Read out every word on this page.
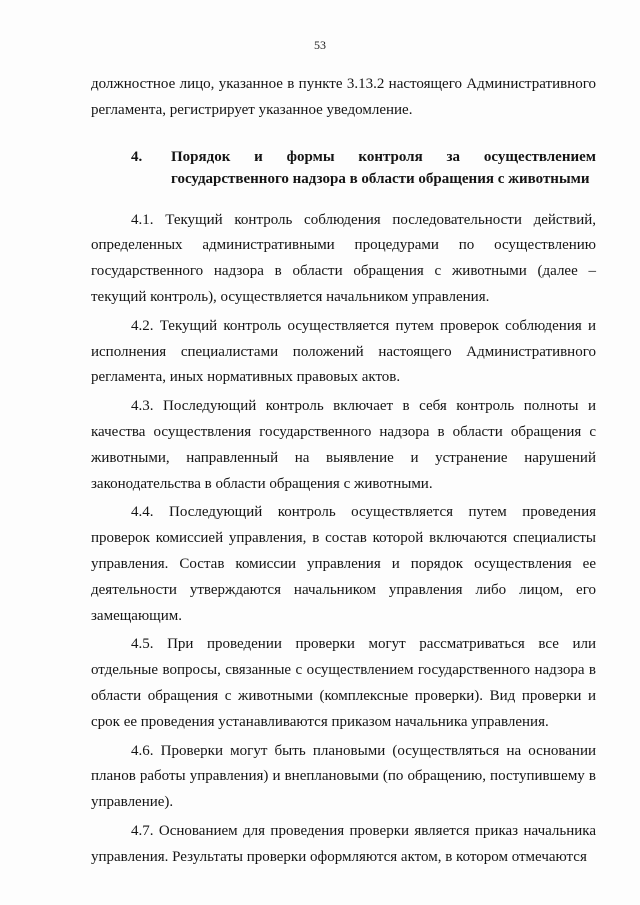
53

должностное лицо, указанное в пункте 3.13.2 настоящего Административного регламента, регистрирует указанное уведомление.

4.	Порядок и формы контроля за осуществлением
государственного надзора в области обращения с животными

4.1. Текущий контроль соблюдения последовательности действий, определенных административными процедурами по осуществлению государственного надзора в области обращения с животными (далее – текущий контроль), осуществляется начальником управления.

4.2. Текущий контроль осуществляется путем проверок соблюдения и исполнения специалистами положений настоящего Административного регламента, иных нормативных правовых актов.

4.3. Последующий контроль включает в себя контроль полноты и качества осуществления государственного надзора в области обращения с животными, направленный на выявление и устранение нарушений законодательства в области обращения с животными.

4.4. Последующий контроль осуществляется путем проведения проверок комиссией управления, в состав которой включаются специалисты управления. Состав комиссии управления и порядок осуществления ее деятельности утверждаются начальником управления либо лицом, его замещающим.

4.5. При проведении проверки могут рассматриваться все или отдельные вопросы, связанные с осуществлением государственного надзора в области обращения с животными (комплексные проверки). Вид проверки и срок ее проведения устанавливаются приказом начальника управления.

4.6. Проверки могут быть плановыми (осуществляться на основании планов работы управления) и внеплановыми (по обращению, поступившему в управление).

4.7. Основанием для проведения проверки является приказ начальника управления. Результаты проверки оформляются актом, в котором отмечаются
